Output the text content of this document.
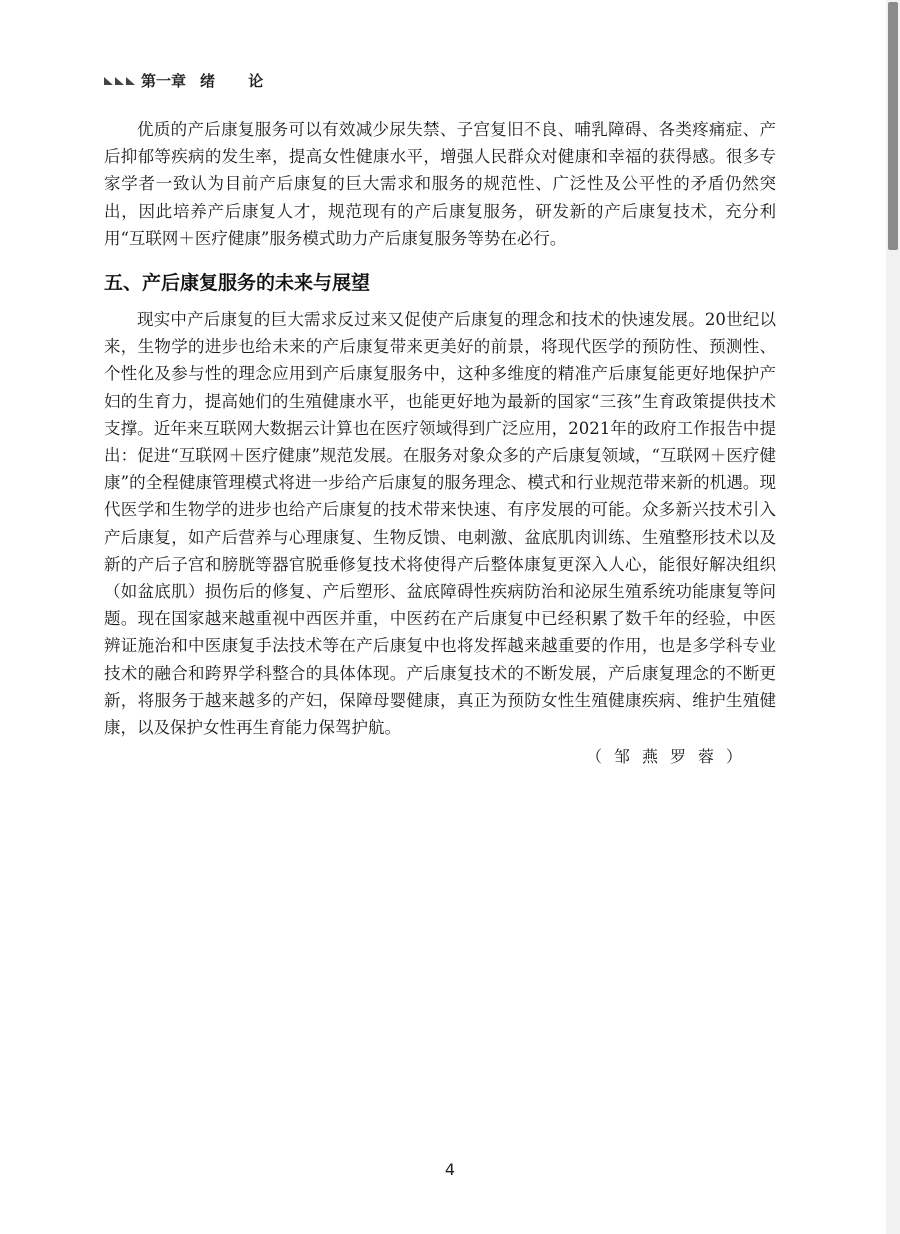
第一章 绪 论

优质的产后康复服务可以有效减少尿失禁、子宫复旧不良、哺乳障碍、各类疼痛症、产后抑郁等疾病的发生率，提高女性健康水平，增强人民群众对健康和幸福的获得感。很多专家学者一致认为目前产后康复的巨大需求和服务的规范性、广泛性及公平性的矛盾仍然突出，因此培养产后康复人才，规范现有的产后康复服务，研发新的产后康复技术，充分利用“互联网＋医疗健康”服务模式助力产后康复服务等势在必行。

五、产后康复服务的未来与展望

现实中产后康复的巨大需求反过来又促使产后康复的理念和技术的快速发展。20世纪以来，生物学的进步也给未来的产后康复带来更美好的前景，将现代医学的预防性、预测性、个性化及参与性的理念应用到产后康复服务中，这种多维度的精准产后康复能更好地保护产妇的生育力，提高她们的生殖健康水平，也能更好地为最新的国家“三孩”生育政策提供技术支撑。近年来互联网大数据云计算也在医疗领域得到广泛应用，2021年的政府工作报告中提出：促进“互联网＋医疗健康”规范发展。在服务对象众多的产后康复领域，“互联网＋医疗健康”的全程健康管理模式将进一步给产后康复的服务理念、模式和行业规范带来新的机遇。现代医学和生物学的进步也给产后康复的技术带来快速、有序发展的可能。众多新兴技术引入产后康复，如产后营养与心理康复、生物反馈、电刺激、盆底肌肉训练、生殖整形技术以及新的产后子宫和膀胱等器官脱垂修复技术将使得产后整体康复更深入人心，能很好解决组织（如盆底肌）损伤后的修复、产后塑形、盆底障碍性疾病防治和泌尿生殖系统功能康复等问题。现在国家越来越重视中西医并重，中医药在产后康复中已经积累了数千年的经验，中医辨证施治和中医康复手法技术等在产后康复中也将发挥越来越重要的作用，也是多学科专业技术的融合和跨界学科整合的具体体现。产后康复技术的不断发展，产后康复理念的不断更新，将服务于越来越多的产妇，保障母婴健康，真正为预防女性生殖健康疾病、维护生殖健康，以及保护女性再生育能力保驾护航。

（邹燕罗蓉）
4
